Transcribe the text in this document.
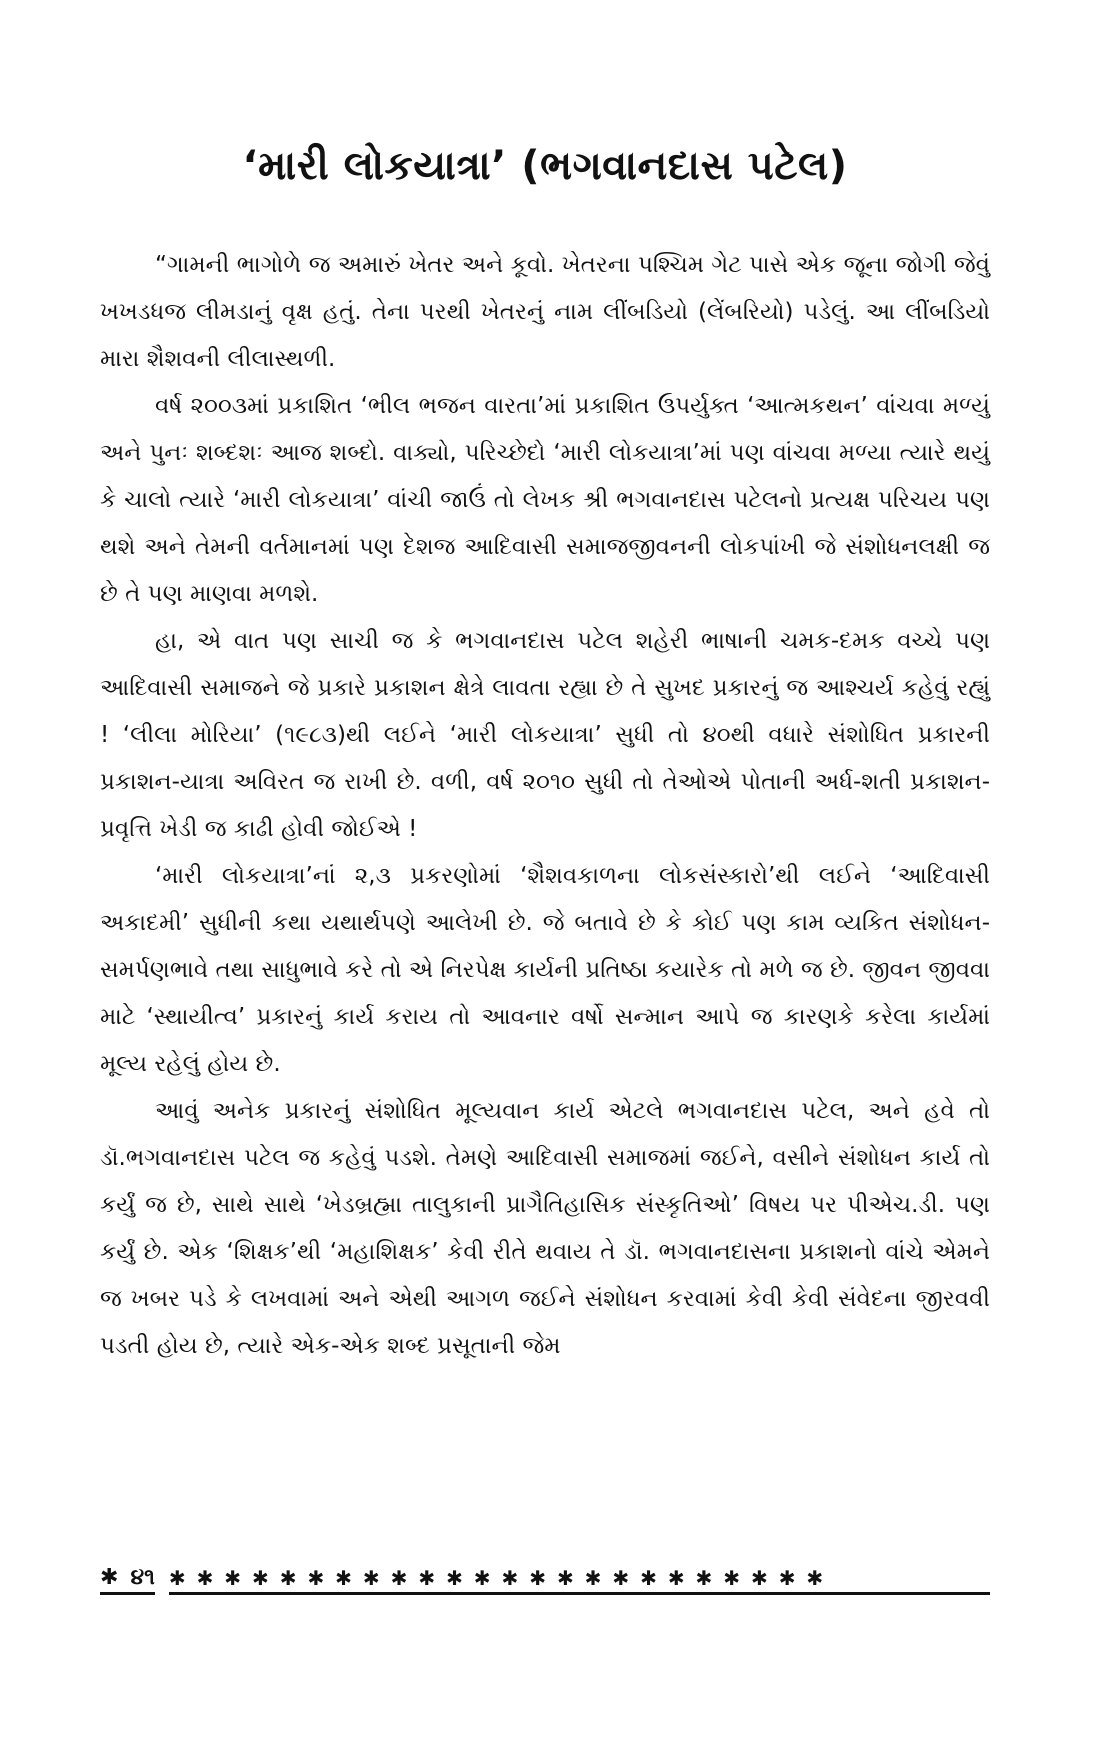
‘મારી લોકયાત્રા’ (ભગવાનદાસ પટેલ)

“ગામની ભાગોળે જ અમારું ખેતર અને કૂવો. ખેતરના પશ્ચિમ ગેટ પાસે એક જૂના જોગી જેવું ખખડધજ લીમડાનું વૃક્ષ હતું. તેના પરથી ખેતરનું નામ લીંબડિયો (લેંબરિયો) પડેલું. આ લીંબડિયો મારા શૈશવની લીલાસ્થળી.

વર્ષ ૨૦૦૩માં પ્રકાશિત ‘ભીલ ભજન વારતા’માં પ્રકાશિત ઉપર્યુક્ત ‘આત્મકથન’ વાંચવા મળ્યું અને પુનઃ શબ્દશઃ આજ શબ્દો. વાક્યો, પરિચ્છેદો ‘મારી લોકયાત્રા’માં પણ વાંચવા મળ્યા ત્યારે થયું કે ચાલો ત્યારે ‘મારી લોકયાત્રા’ વાંચી જાઉં તો લેખક શ્રી ભગવાનદાસ પટેલનો પ્રત્યક્ષ પરિચય પણ થશે અને તેમની વર્તમાનમાં પણ દેશજ આદિવાસી સમાજજીવનની લોકપાંખી જે સંશોધનલક્ષી જ છે તે પણ માણવા મળશે.

હા, એ વાત પણ સાચી જ કે ભગવાનદાસ પટેલ શહેરી ભાષાની ચમક-દમક વચ્ચે પણ આદિવાસી સમાજને જે પ્રકારે પ્રકાશન ક્ષેત્રે લાવતા રહ્યા છે તે સુખદ પ્રકારનું જ આશ્ચર્ય કહેવું રહ્યું ! ‘લીલા મોરિયા’ (૧૯૮૩)થી લઈને ‘મારી લોકયાત્રા’ સુધી તો ૪૦થી વધારે સંશોધિત પ્રકારની પ્રકાશન-યાત્રા અવિરત જ રાખી છે. વળી, વર્ષ ૨૦૧૦ સુધી તો તેઓએ પોતાની અર્ધ-શતી પ્રકાશન-પ્રવૃત્તિ ખેડી જ કાઢી હોવી જોઈએ !

‘મારી લોકયાત્રા’નાં ૨,૩ પ્રકરણોમાં ‘શૈશવકાળના લોકસંસ્કારો’થી લઈને ‘આદિવાસી અકાદમી’ સુધીની કથા યથાર્થપણે આલેખી છે. જે બતાવે છે કે કોઈ પણ કામ વ્યકિત સંશોધન-સમર્પણભાવે તથા સાધુભાવે કરે તો એ નિરપેક્ષ કાર્યની પ્રતિષ્ઠા કયારેક તો મળે જ છે. જીવન જીવવા માટે ‘સ્થાયીત્વ’ પ્રકારનું કાર્ય કરાય તો આવનાર વર્ષો સન્માન આપે જ કારણકે કરેલા કાર્યમાં મૂલ્ય રહેલું હોય છે.

આવું અનેક પ્રકારનું સંશોધિત મૂલ્યવાન કાર્ય એટલે ભગવાનદાસ પટેલ, અને હવે તો ડૉ.ભગવાનદાસ પટેલ જ કહેવું પડશે. તેમણે આદિવાસી સમાજમાં જઈને, વસીને સંશોધન કાર્ય તો કર્યું જ છે, સાથે સાથે ‘ખેડબ્રહ્મા તાલુકાની પ્રાગૈતિહાસિક સંસ્કૃતિઓ’ વિષય પર પીએચ.ડી. પણ કર્યું છે. એક ‘શિક્ષક’થી ‘મહાશિક્ષક’ કેવી રીતે થવાય તે ડૉ. ભગવાનદાસના પ્રકાશનો વાંચે એમને જ ખબર પડે કે લખવામાં અને એથી આગળ જઈને સંશોધન કરવામાં કેવી કેવી સંવેદના જીરવવી પડતી હોય છે, ત્યારે એક-એક શબ્દ પ્રસૂતાની જેમ

✱ ૪૧ ✱ ✱ ✱ ✱ ✱ ✱ ✱ ✱ ✱ ✱ ✱ ✱ ✱ ✱ ✱ ✱ ✱ ✱ ✱ ✱ ✱ ✱ ✱ ✱
